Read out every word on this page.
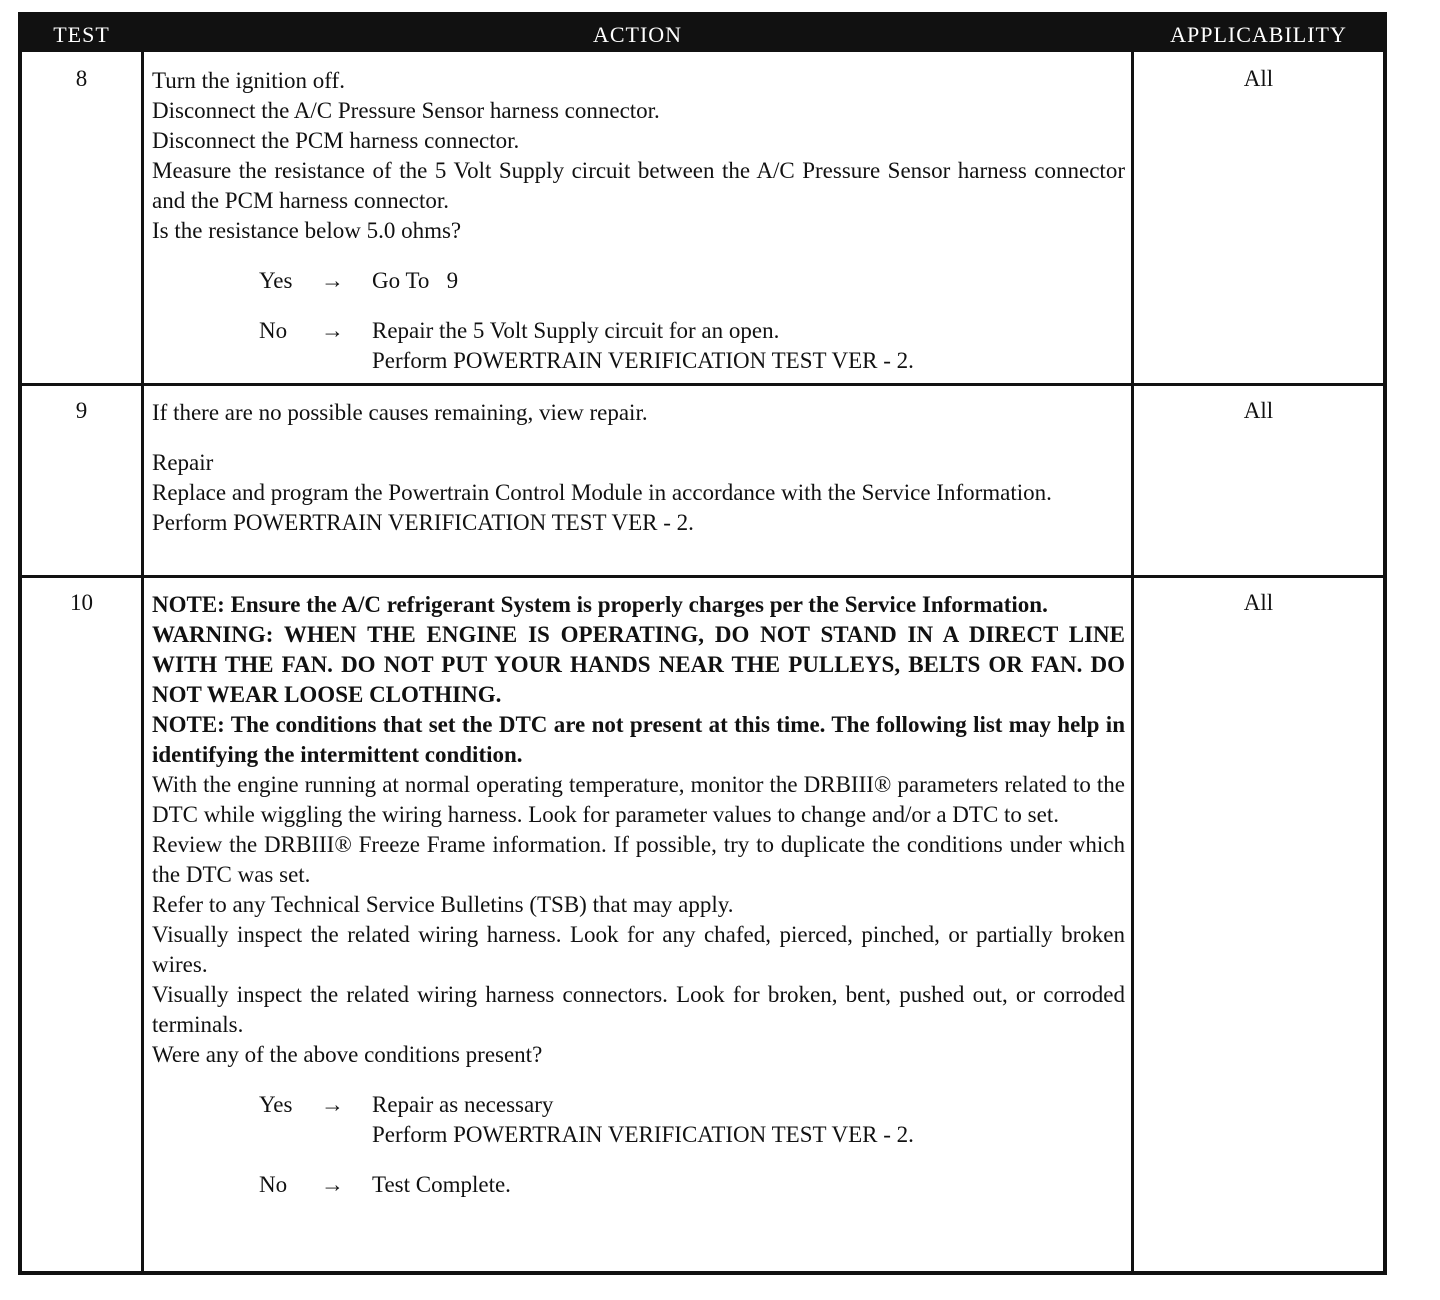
TEST	ACTION	APPLICABILITY
8	Turn the ignition off.

Disconnect the A/C Pressure Sensor harness connector.

Disconnect the PCM harness connector.

Measure the resistance of the 5 Volt Supply circuit between the A/C Pressure Sensor harness connector and the PCM harness connector.

Is the resistance below 5.0 ohms?

Yes	→	Go To   9
No	→	Repair the 5 Volt Supply circuit for an open.
Perform POWERTRAIN VERIFICATION TEST VER - 2.
All
9	If there are no possible causes remaining, view repair.

Repair

Replace and program the Powertrain Control Module in accordance with the Service Information.

Perform POWERTRAIN VERIFICATION TEST VER - 2.

All
10	NOTE: Ensure the A/C refrigerant System is properly charges per the Service Information.

WARNING: WHEN THE ENGINE IS OPERATING, DO NOT STAND IN A DIRECT LINE WITH THE FAN. DO NOT PUT YOUR HANDS NEAR THE PULLEYS, BELTS OR FAN. DO NOT WEAR LOOSE CLOTHING.

NOTE: The conditions that set the DTC are not present at this time. The following list may help in identifying the intermittent condition.

With the engine running at normal operating temperature, monitor the DRBIII® parameters related to the DTC while wiggling the wiring harness. Look for parameter values to change and/or a DTC to set.

Review the DRBIII® Freeze Frame information. If possible, try to duplicate the conditions under which the DTC was set.

Refer to any Technical Service Bulletins (TSB) that may apply.

Visually inspect the related wiring harness. Look for any chafed, pierced, pinched, or partially broken wires.

Visually inspect the related wiring harness connectors. Look for broken, bent, pushed out, or corroded terminals.

Were any of the above conditions present?

Yes	→	Repair as necessary
Perform POWERTRAIN VERIFICATION TEST VER - 2.
No	→	Test Complete.
All
